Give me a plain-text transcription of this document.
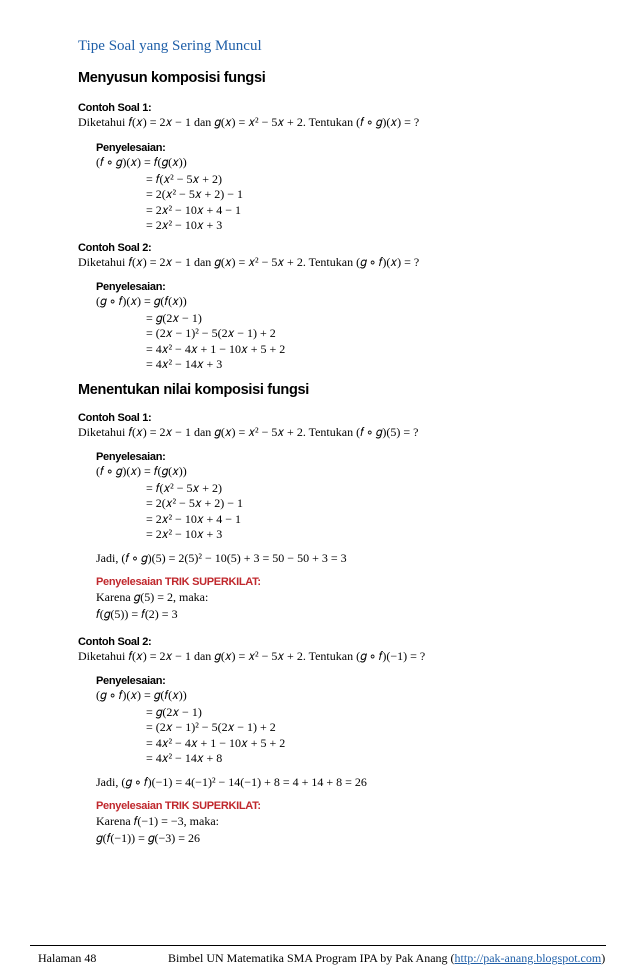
Tipe Soal yang Sering Muncul
Menyusun komposisi fungsi
Contoh Soal 1:
Diketahui 𝑓(𝑥) = 2𝑥 − 1 dan 𝑔(𝑥) = 𝑥² − 5𝑥 + 2. Tentukan (𝑓 ∘ 𝑔)(𝑥) = ?
Penyelesaian:
(𝑓 ∘ 𝑔)(𝑥) = 𝑓(𝑔(𝑥))
= 𝑓(𝑥² − 5𝑥 + 2)
= 2(𝑥² − 5𝑥 + 2) − 1
= 2𝑥² − 10𝑥 + 4 − 1
= 2𝑥² − 10𝑥 + 3
Contoh Soal 2:
Diketahui 𝑓(𝑥) = 2𝑥 − 1 dan 𝑔(𝑥) = 𝑥² − 5𝑥 + 2. Tentukan (𝑔 ∘ 𝑓)(𝑥) = ?
Penyelesaian:
(𝑔 ∘ 𝑓)(𝑥) = 𝑔(𝑓(𝑥))
= 𝑔(2𝑥 − 1)
= (2𝑥 − 1)² − 5(2𝑥 − 1) + 2
= 4𝑥² − 4𝑥 + 1 − 10𝑥 + 5 + 2
= 4𝑥² − 14𝑥 + 3
Menentukan nilai komposisi fungsi
Contoh Soal 1:
Diketahui 𝑓(𝑥) = 2𝑥 − 1 dan 𝑔(𝑥) = 𝑥² − 5𝑥 + 2. Tentukan (𝑓 ∘ 𝑔)(5) = ?
Penyelesaian:
(𝑓 ∘ 𝑔)(𝑥) = 𝑓(𝑔(𝑥))
= 𝑓(𝑥² − 5𝑥 + 2)
= 2(𝑥² − 5𝑥 + 2) − 1
= 2𝑥² − 10𝑥 + 4 − 1
= 2𝑥² − 10𝑥 + 3
Jadi, (𝑓 ∘ 𝑔)(5) = 2(5)² − 10(5) + 3 = 50 − 50 + 3 = 3
Penyelesaian TRIK SUPERKILAT:
Karena 𝑔(5) = 2, maka:
𝑓(𝑔(5)) = 𝑓(2) = 3
Contoh Soal 2:
Diketahui 𝑓(𝑥) = 2𝑥 − 1 dan 𝑔(𝑥) = 𝑥² − 5𝑥 + 2. Tentukan (𝑔 ∘ 𝑓)(−1) = ?
Penyelesaian:
(𝑔 ∘ 𝑓)(𝑥) = 𝑔(𝑓(𝑥))
= 𝑔(2𝑥 − 1)
= (2𝑥 − 1)² − 5(2𝑥 − 1) + 2
= 4𝑥² − 4𝑥 + 1 − 10𝑥 + 5 + 2
= 4𝑥² − 14𝑥 + 8
Jadi, (𝑔 ∘ 𝑓)(−1) = 4(−1)² − 14(−1) + 8 = 4 + 14 + 8 = 26
Penyelesaian TRIK SUPERKILAT:
Karena 𝑓(−1) = −3, maka:
𝑔(𝑓(−1)) = 𝑔(−3) = 26
Halaman 48	Bimbel UN Matematika SMA Program IPA by Pak Anang (http://pak-anang.blogspot.com)
